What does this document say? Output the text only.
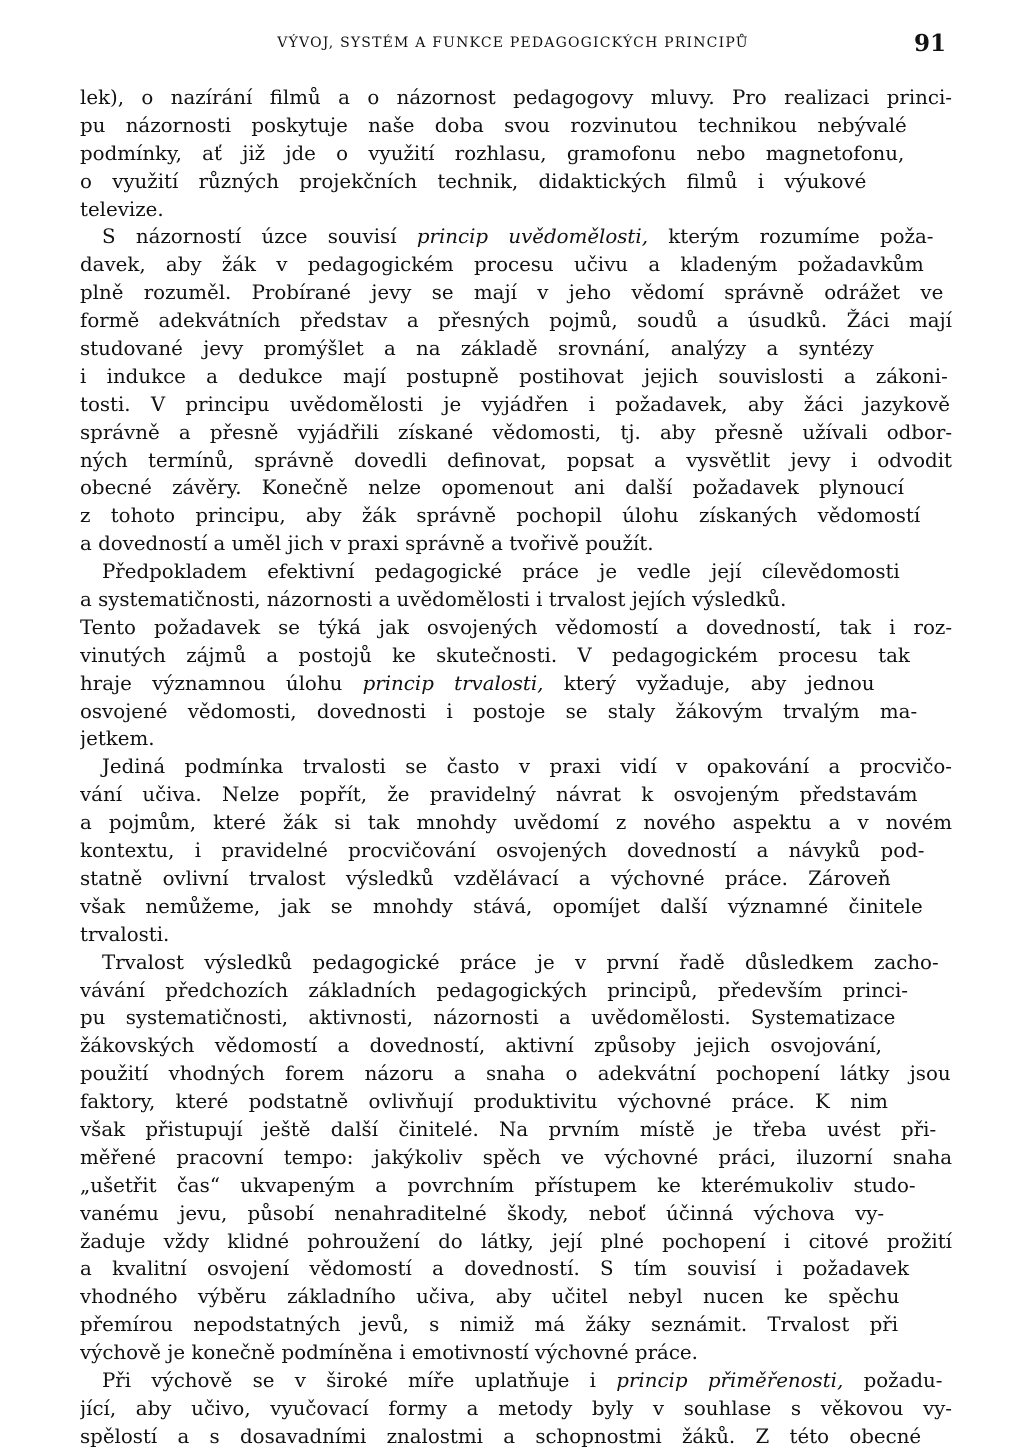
VÝVOJ, SYSTÉM A FUNKCE PEDAGOGICKÝCH PRINCIPŮ	91
lek), o nazírání filmů a o názornost pedagogovy mluvy. Pro realizaci princi-
pu názornosti poskytuje naše doba svou rozvinutou technikou nebývalé
podmínky, ať již jde o využití rozhlasu, gramofonu nebo magnetofonu,
o využití různých projekčních technik, didaktických filmů i výukové
televize.
S názorností úzce souvisí princip uvědomělosti, kterým rozumíme poža-
davek, aby žák v pedagogickém procesu učivu a kladeným požadavkům
plně rozuměl. Probírané jevy se mají v jeho vědomí správně odrážet ve
formě adekvátních představ a přesných pojmů, soudů a úsudků. Žáci mají
studované jevy promýšlet a na základě srovnání, analýzy a syntézy
i indukce a dedukce mají postupně postihovat jejich souvislosti a zákoni-
tosti. V principu uvědomělosti je vyjádřen i požadavek, aby žáci jazykově
správně a přesně vyjádřili získané vědomosti, tj. aby přesně užívali odbor-
ných termínů, správně dovedli definovat, popsat a vysvětlit jevy i odvodit
obecné závěry. Konečně nelze opomenout ani další požadavek plynoucí
z tohoto principu, aby žák správně pochopil úlohu získaných vědomostí
a dovedností a uměl jich v praxi správně a tvořivě použít.
Předpokladem efektivní pedagogické práce je vedle její cílevědomosti
a systematičnosti, názornosti a uvědomělosti i trvalost jejích výsledků.
Tento požadavek se týká jak osvojených vědomostí a dovedností, tak i roz-
vinutých zájmů a postojů ke skutečnosti. V pedagogickém procesu tak
hraje významnou úlohu princip trvalosti, který vyžaduje, aby jednou
osvojené vědomosti, dovednosti i postoje se staly žákovým trvalým ma-
jetkem.
Jediná podmínka trvalosti se často v praxi vidí v opakování a procvičo-
vání učiva. Nelze popřít, že pravidelný návrat k osvojeným představám
a pojmům, které žák si tak mnohdy uvědomí z nového aspektu a v novém
kontextu, i pravidelné procvičování osvojených dovedností a návyků pod-
statně ovlivní trvalost výsledků vzdělávací a výchovné práce. Zároveň
však nemůžeme, jak se mnohdy stává, opomíjet další významné činitele
trvalosti.
Trvalost výsledků pedagogické práce je v první řadě důsledkem zacho-
vávání předchozích základních pedagogických principů, především princi-
pu systematičnosti, aktivnosti, názornosti a uvědomělosti. Systematizace
žákovských vědomostí a dovedností, aktivní způsoby jejich osvojování,
použití vhodných forem názoru a snaha o adekvátní pochopení látky jsou
faktory, které podstatně ovlivňují produktivitu výchovné práce. K nim
však přistupují ještě další činitelé. Na prvním místě je třeba uvést při-
měřené pracovní tempo: jakýkoliv spěch ve výchovné práci, iluzorní snaha
„ušetřit čas“ ukvapeným a povrchním přístupem ke kterémukoliv studo-
vanému jevu, působí nenahraditelné škody, neboť účinná výchova vy-
žaduje vždy klidné pohroužení do látky, její plné pochopení i citové prožití
a kvalitní osvojení vědomostí a dovedností. S tím souvisí i požadavek
vhodného výběru základního učiva, aby učitel nebyl nucen ke spěchu
přemírou nepodstatných jevů, s nimiž má žáky seznámit. Trvalost při
výchově je konečně podmíněna i emotivností výchovné práce.
Při výchově se v široké míře uplatňuje i princip přiměřenosti, požadu-
jící, aby učivo, vyučovací formy a metody byly v souhlase s věkovou vy-
spělostí a s dosavadními znalostmi a schopnostmi žáků. Z této obecné
